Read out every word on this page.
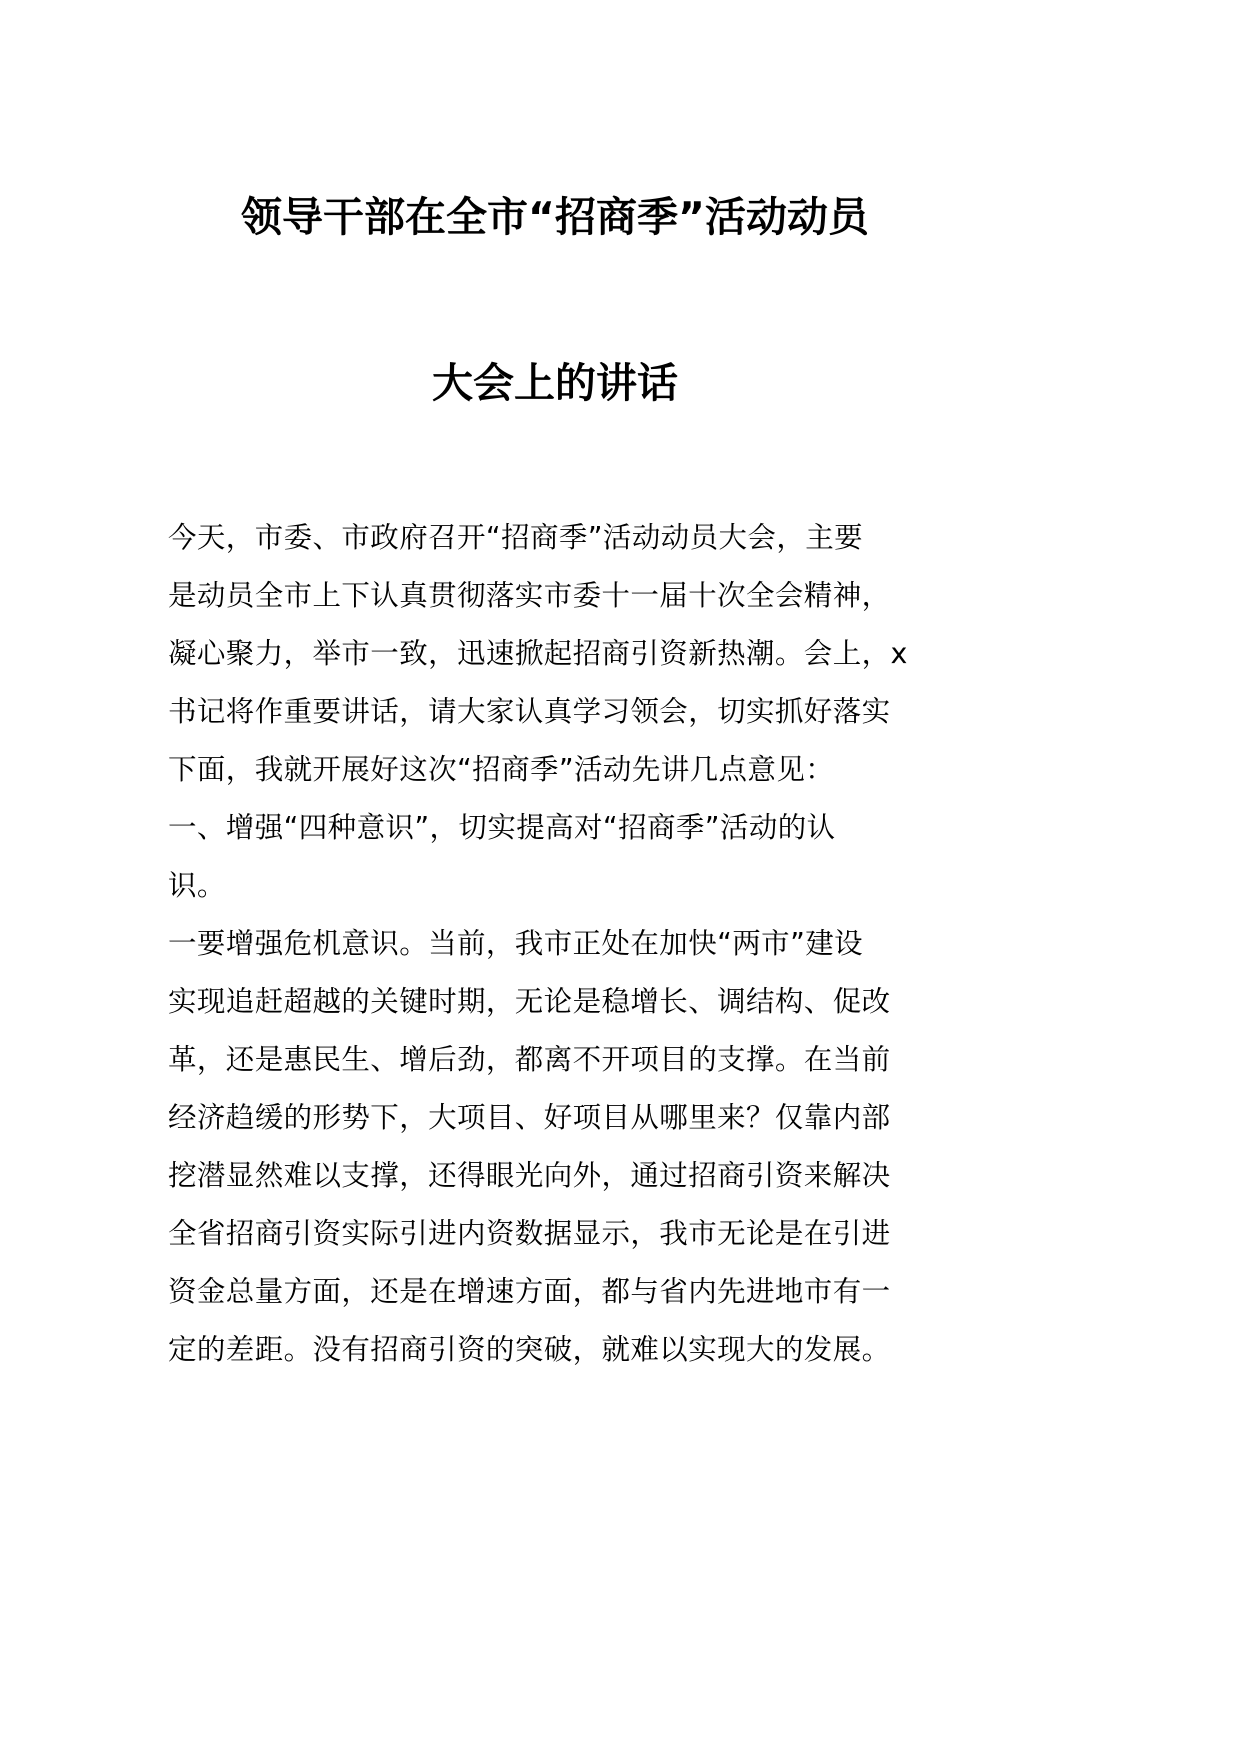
领导干部在全市“招商季”活动动员
大会上的讲话
今天，市委、市政府召开“招商季”活动动员大会，主要
是动员全市上下认真贯彻落实市委十一届十次全会精神，
凝心聚力，举市一致，迅速掀起招商引资新热潮。会上，x
书记将作重要讲话，请大家认真学习领会，切实抓好落实
下面，我就开展好这次“招商季”活动先讲几点意见：
一、增强“四种意识”，切实提高对“招商季”活动的认
识。
一要增强危机意识。当前，我市正处在加快“两市”建设
实现追赶超越的关键时期，无论是稳增长、调结构、促改
革，还是惠民生、增后劲，都离不开项目的支撑。在当前
经济趋缓的形势下，大项目、好项目从哪里来？仅靠内部
挖潜显然难以支撑，还得眼光向外，通过招商引资来解决
全省招商引资实际引进内资数据显示，我市无论是在引进
资金总量方面，还是在增速方面，都与省内先进地市有一
定的差距。没有招商引资的突破，就难以实现大的发展。
